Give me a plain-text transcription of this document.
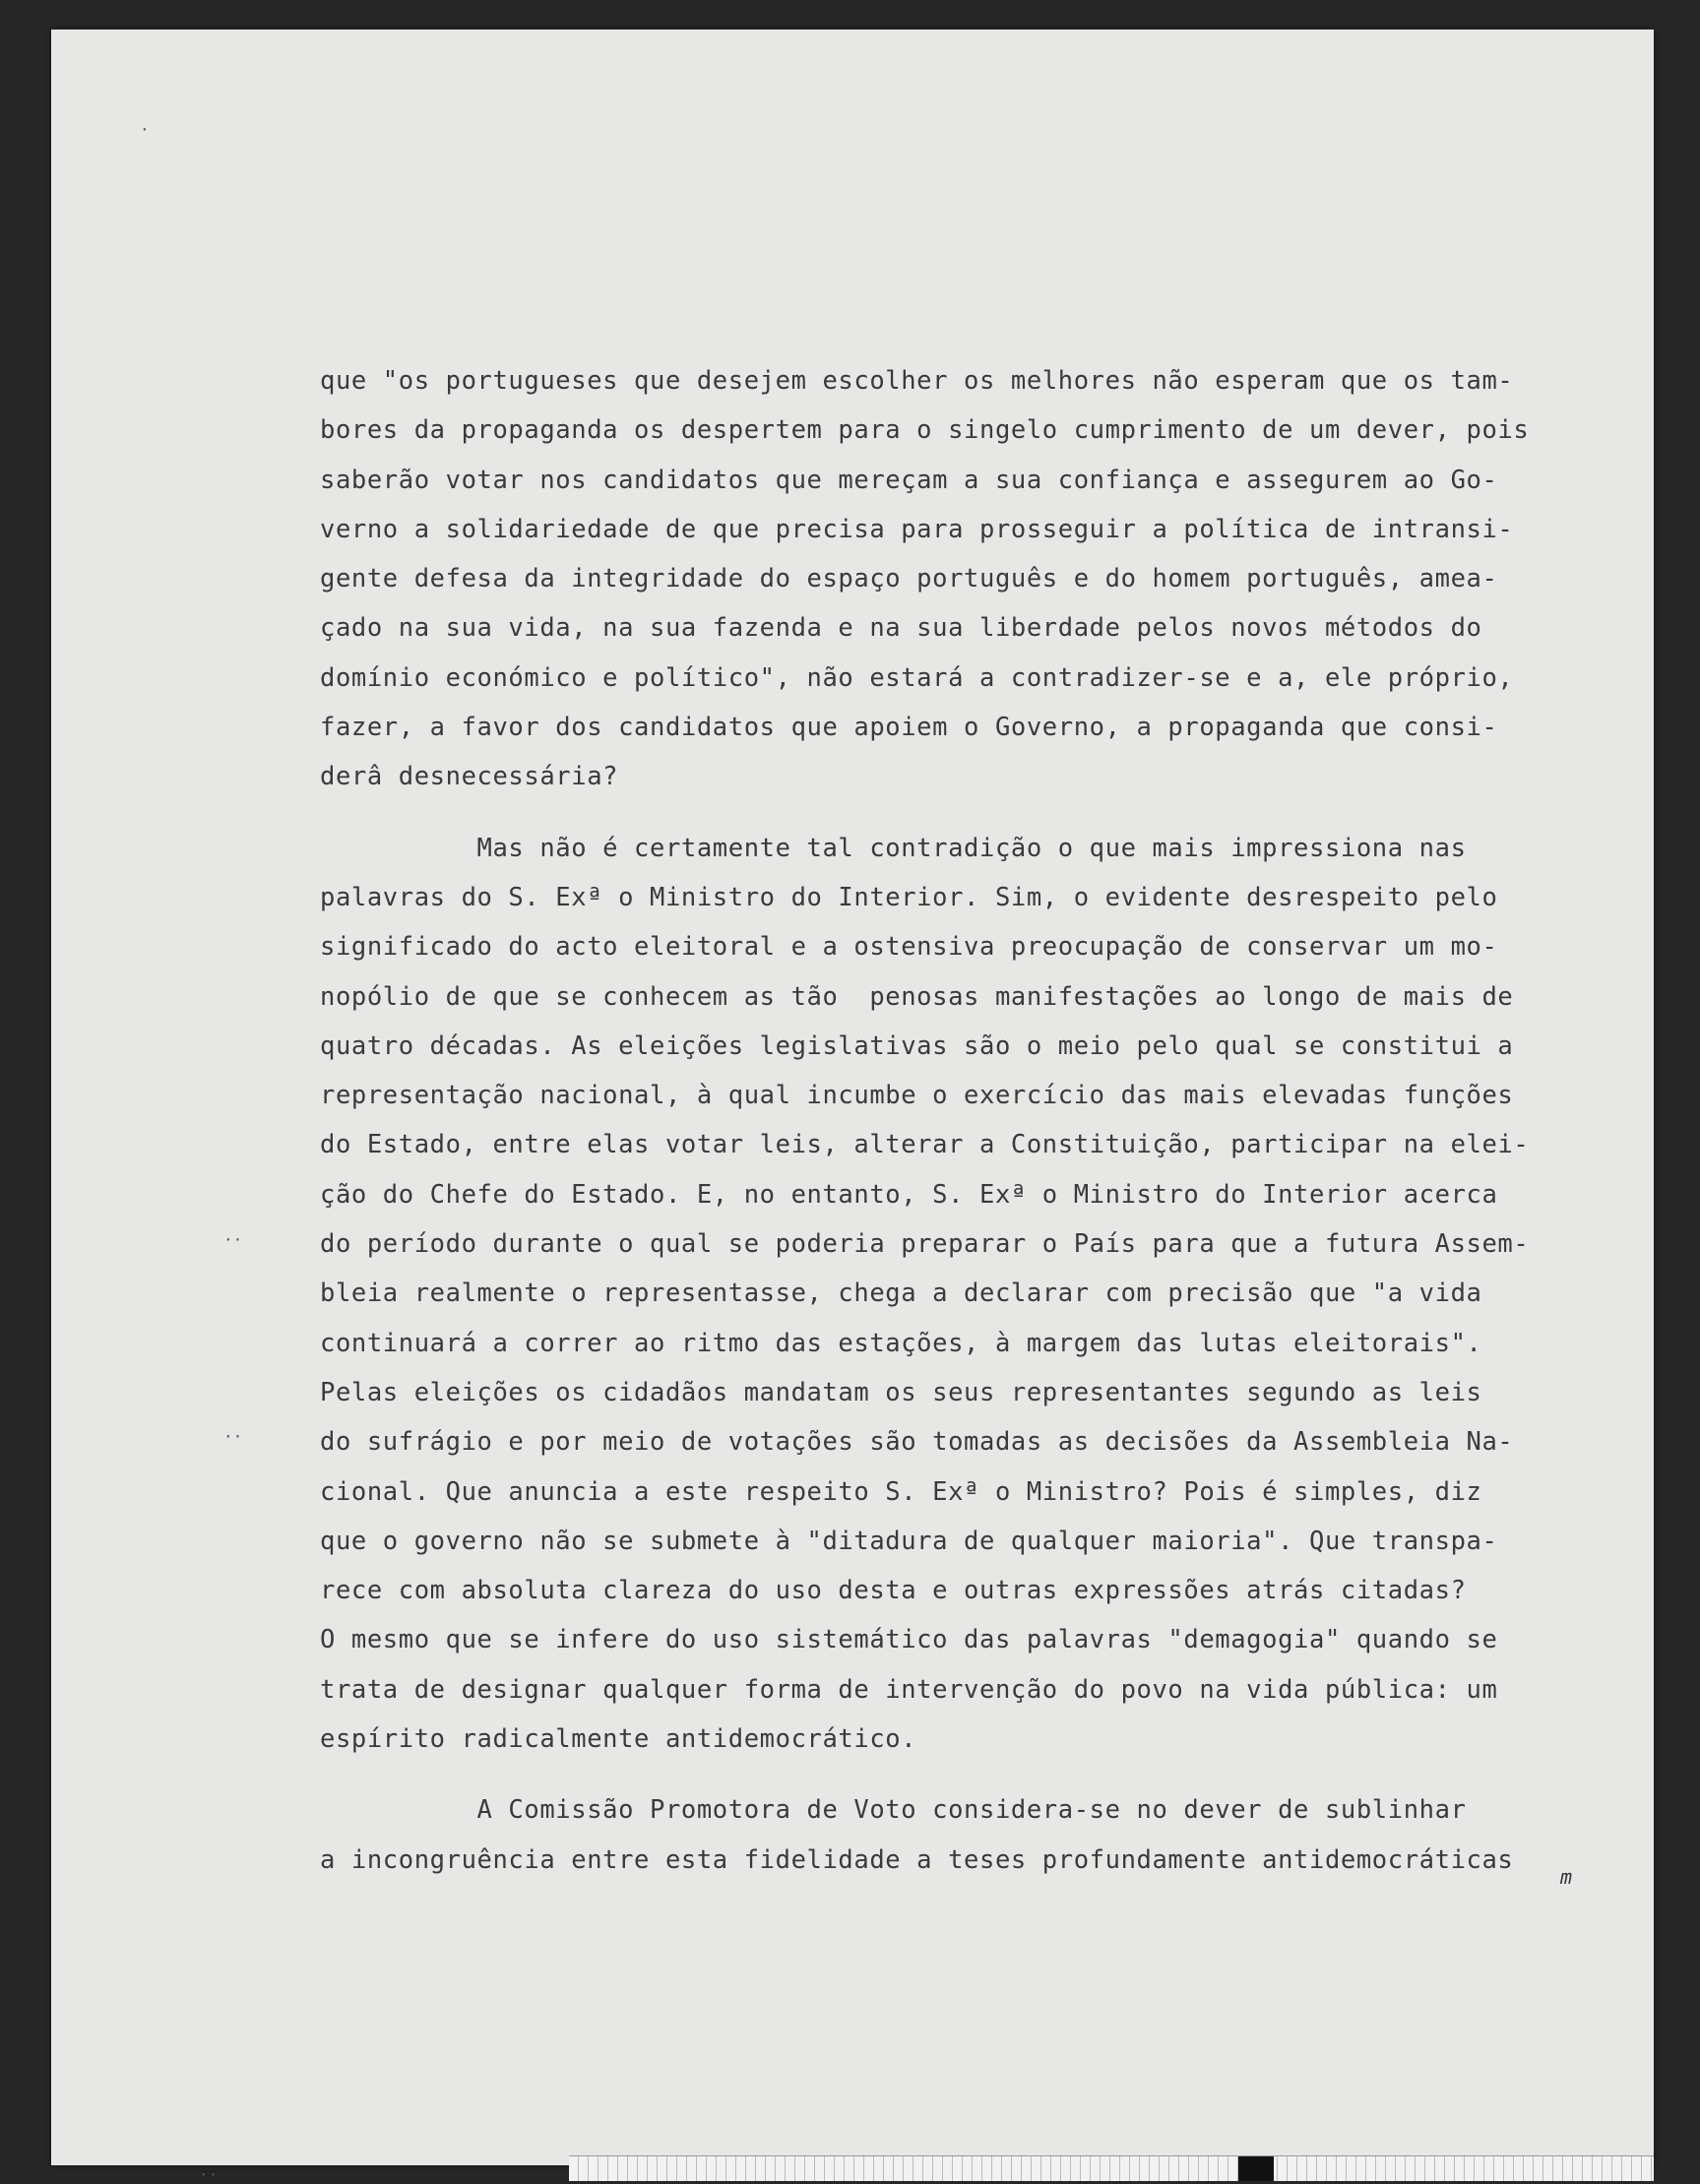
·
··
··
··
que "os portugueses que desejem escolher os melhores não esperam que os tam-
bores da propaganda os despertem para o singelo cumprimento de um dever, pois
saberão votar nos candidatos que mereçam a sua confiança e assegurem ao Go-
verno a solidariedade de que precisa para prosseguir a política de intransi-
gente defesa da integridade do espaço português e do homem português, amea-
çado na sua vida, na sua fazenda e na sua liberdade pelos novos métodos do
domínio económico e político", não estará a contradizer-se e a, ele próprio,
fazer, a favor dos candidatos que apoiem o Governo, a propaganda que consi-
derâ desnecessária?
Mas não é certamente tal contradição o que mais impressiona nas
palavras do S. Exª o Ministro do Interior. Sim, o evidente desrespeito pelo
significado do acto eleitoral e a ostensiva preocupação de conservar um mo-
nopólio de que se conhecem as tão  penosas manifestações ao longo de mais de
quatro décadas. As eleições legislativas são o meio pelo qual se constitui a
representação nacional, à qual incumbe o exercício das mais elevadas funções
do Estado, entre elas votar leis, alterar a Constituição, participar na elei-
ção do Chefe do Estado. E, no entanto, S. Exª o Ministro do Interior acerca
do período durante o qual se poderia preparar o País para que a futura Assem-
bleia realmente o representasse, chega a declarar com precisão que "a vida
continuará a correr ao ritmo das estações, à margem das lutas eleitorais".
Pelas eleições os cidadãos mandatam os seus representantes segundo as leis
do sufrágio e por meio de votações são tomadas as decisões da Assembleia Na-
cional. Que anuncia a este respeito S. Exª o Ministro? Pois é simples, diz
que o governo não se submete à "ditadura de qualquer maioria". Que transpa-
rece com absoluta clareza do uso desta e outras expressões atrás citadas?
O mesmo que se infere do uso sistemático das palavras "demagogia" quando se
trata de designar qualquer forma de intervenção do povo na vida pública: um
espírito radicalmente antidemocrático.
A Comissão Promotora de Voto considera-se no dever de sublinhar
a incongruência entre esta fidelidade a teses profundamente antidemocráticas
m
